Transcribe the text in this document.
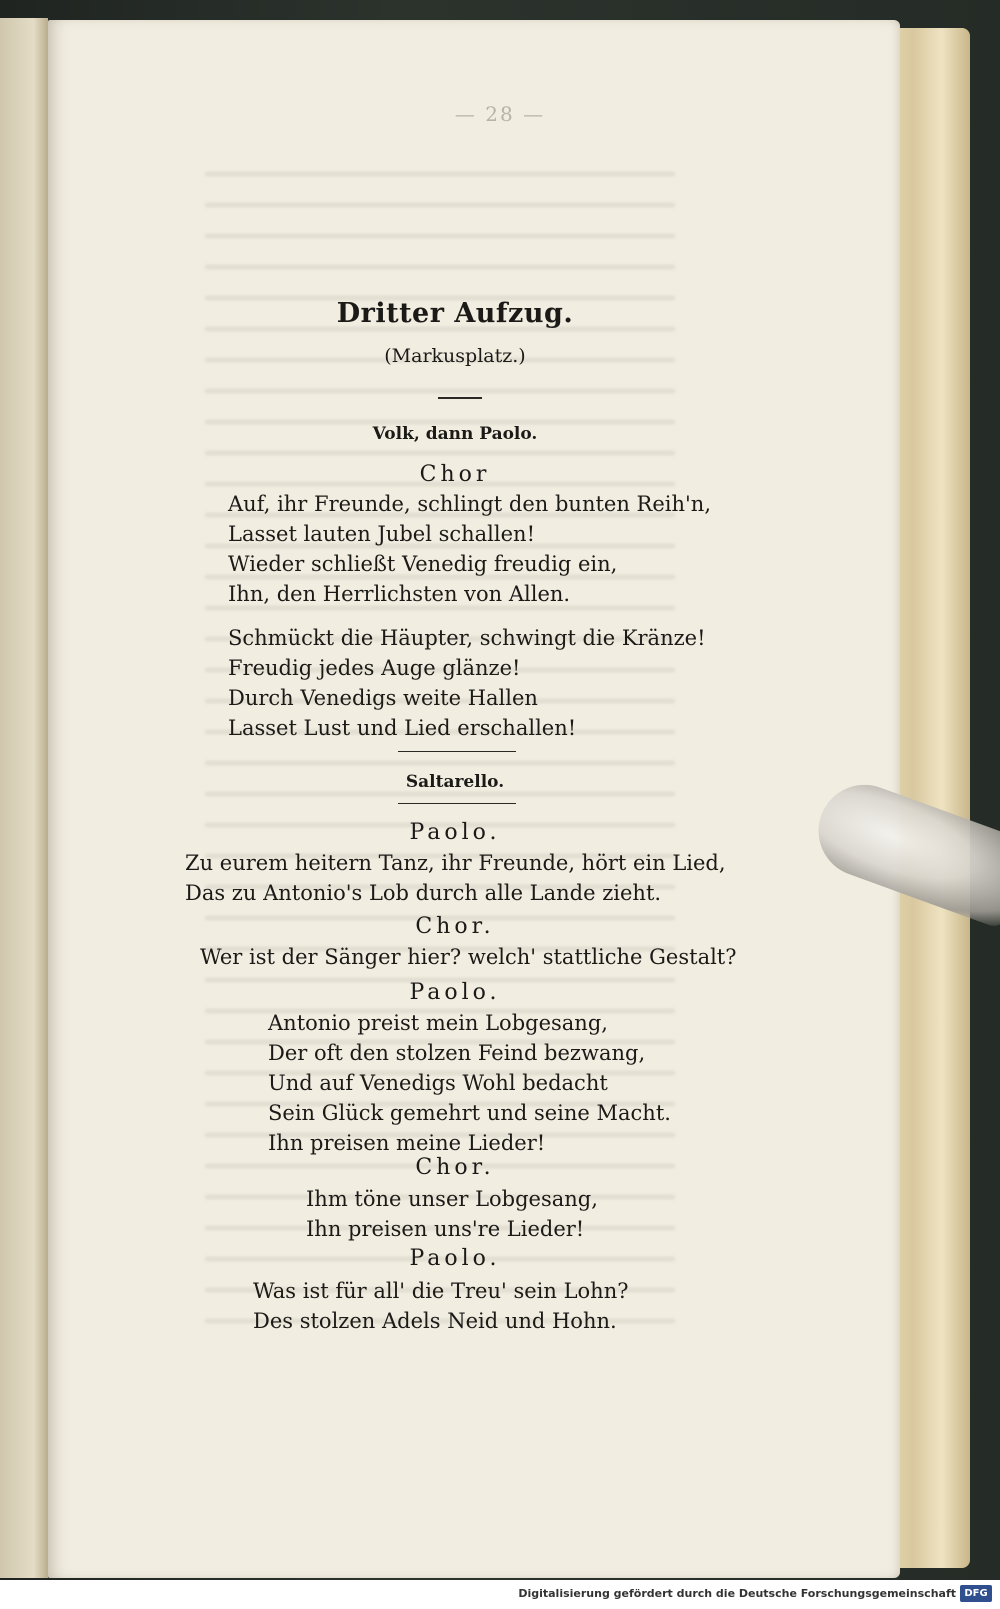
— 28 —
Dritter Aufzug.
(Markusplatz.)
Volk, dann Paolo.
Chor
Auf, ihr Freunde, schlingt den bunten Reih'n,
Lasset lauten Jubel schallen!
Wieder schließt Venedig freudig ein,
Ihn, den Herrlichsten von Allen.
Schmückt die Häupter, schwingt die Kränze!
Freudig jedes Auge glänze!
Durch Venedigs weite Hallen
Lasset Lust und Lied erschallen!
Saltarello.
Paolo.
Zu eurem heitern Tanz, ihr Freunde, hört ein Lied,
Das zu Antonio's Lob durch alle Lande zieht.
Chor.
Wer ist der Sänger hier? welch' stattliche Gestalt?
Paolo.
Antonio preist mein Lobgesang,
Der oft den stolzen Feind bezwang,
Und auf Venedigs Wohl bedacht
Sein Glück gemehrt und seine Macht.
Ihn preisen meine Lieder!
Chor.
Ihm töne unser Lobgesang,
Ihn preisen uns're Lieder!
Paolo.
Was ist für all' die Treu' sein Lohn?
Des stolzen Adels Neid und Hohn.
Digitalisierung gefördert durch die Deutsche Forschungsgemeinschaft DFG
